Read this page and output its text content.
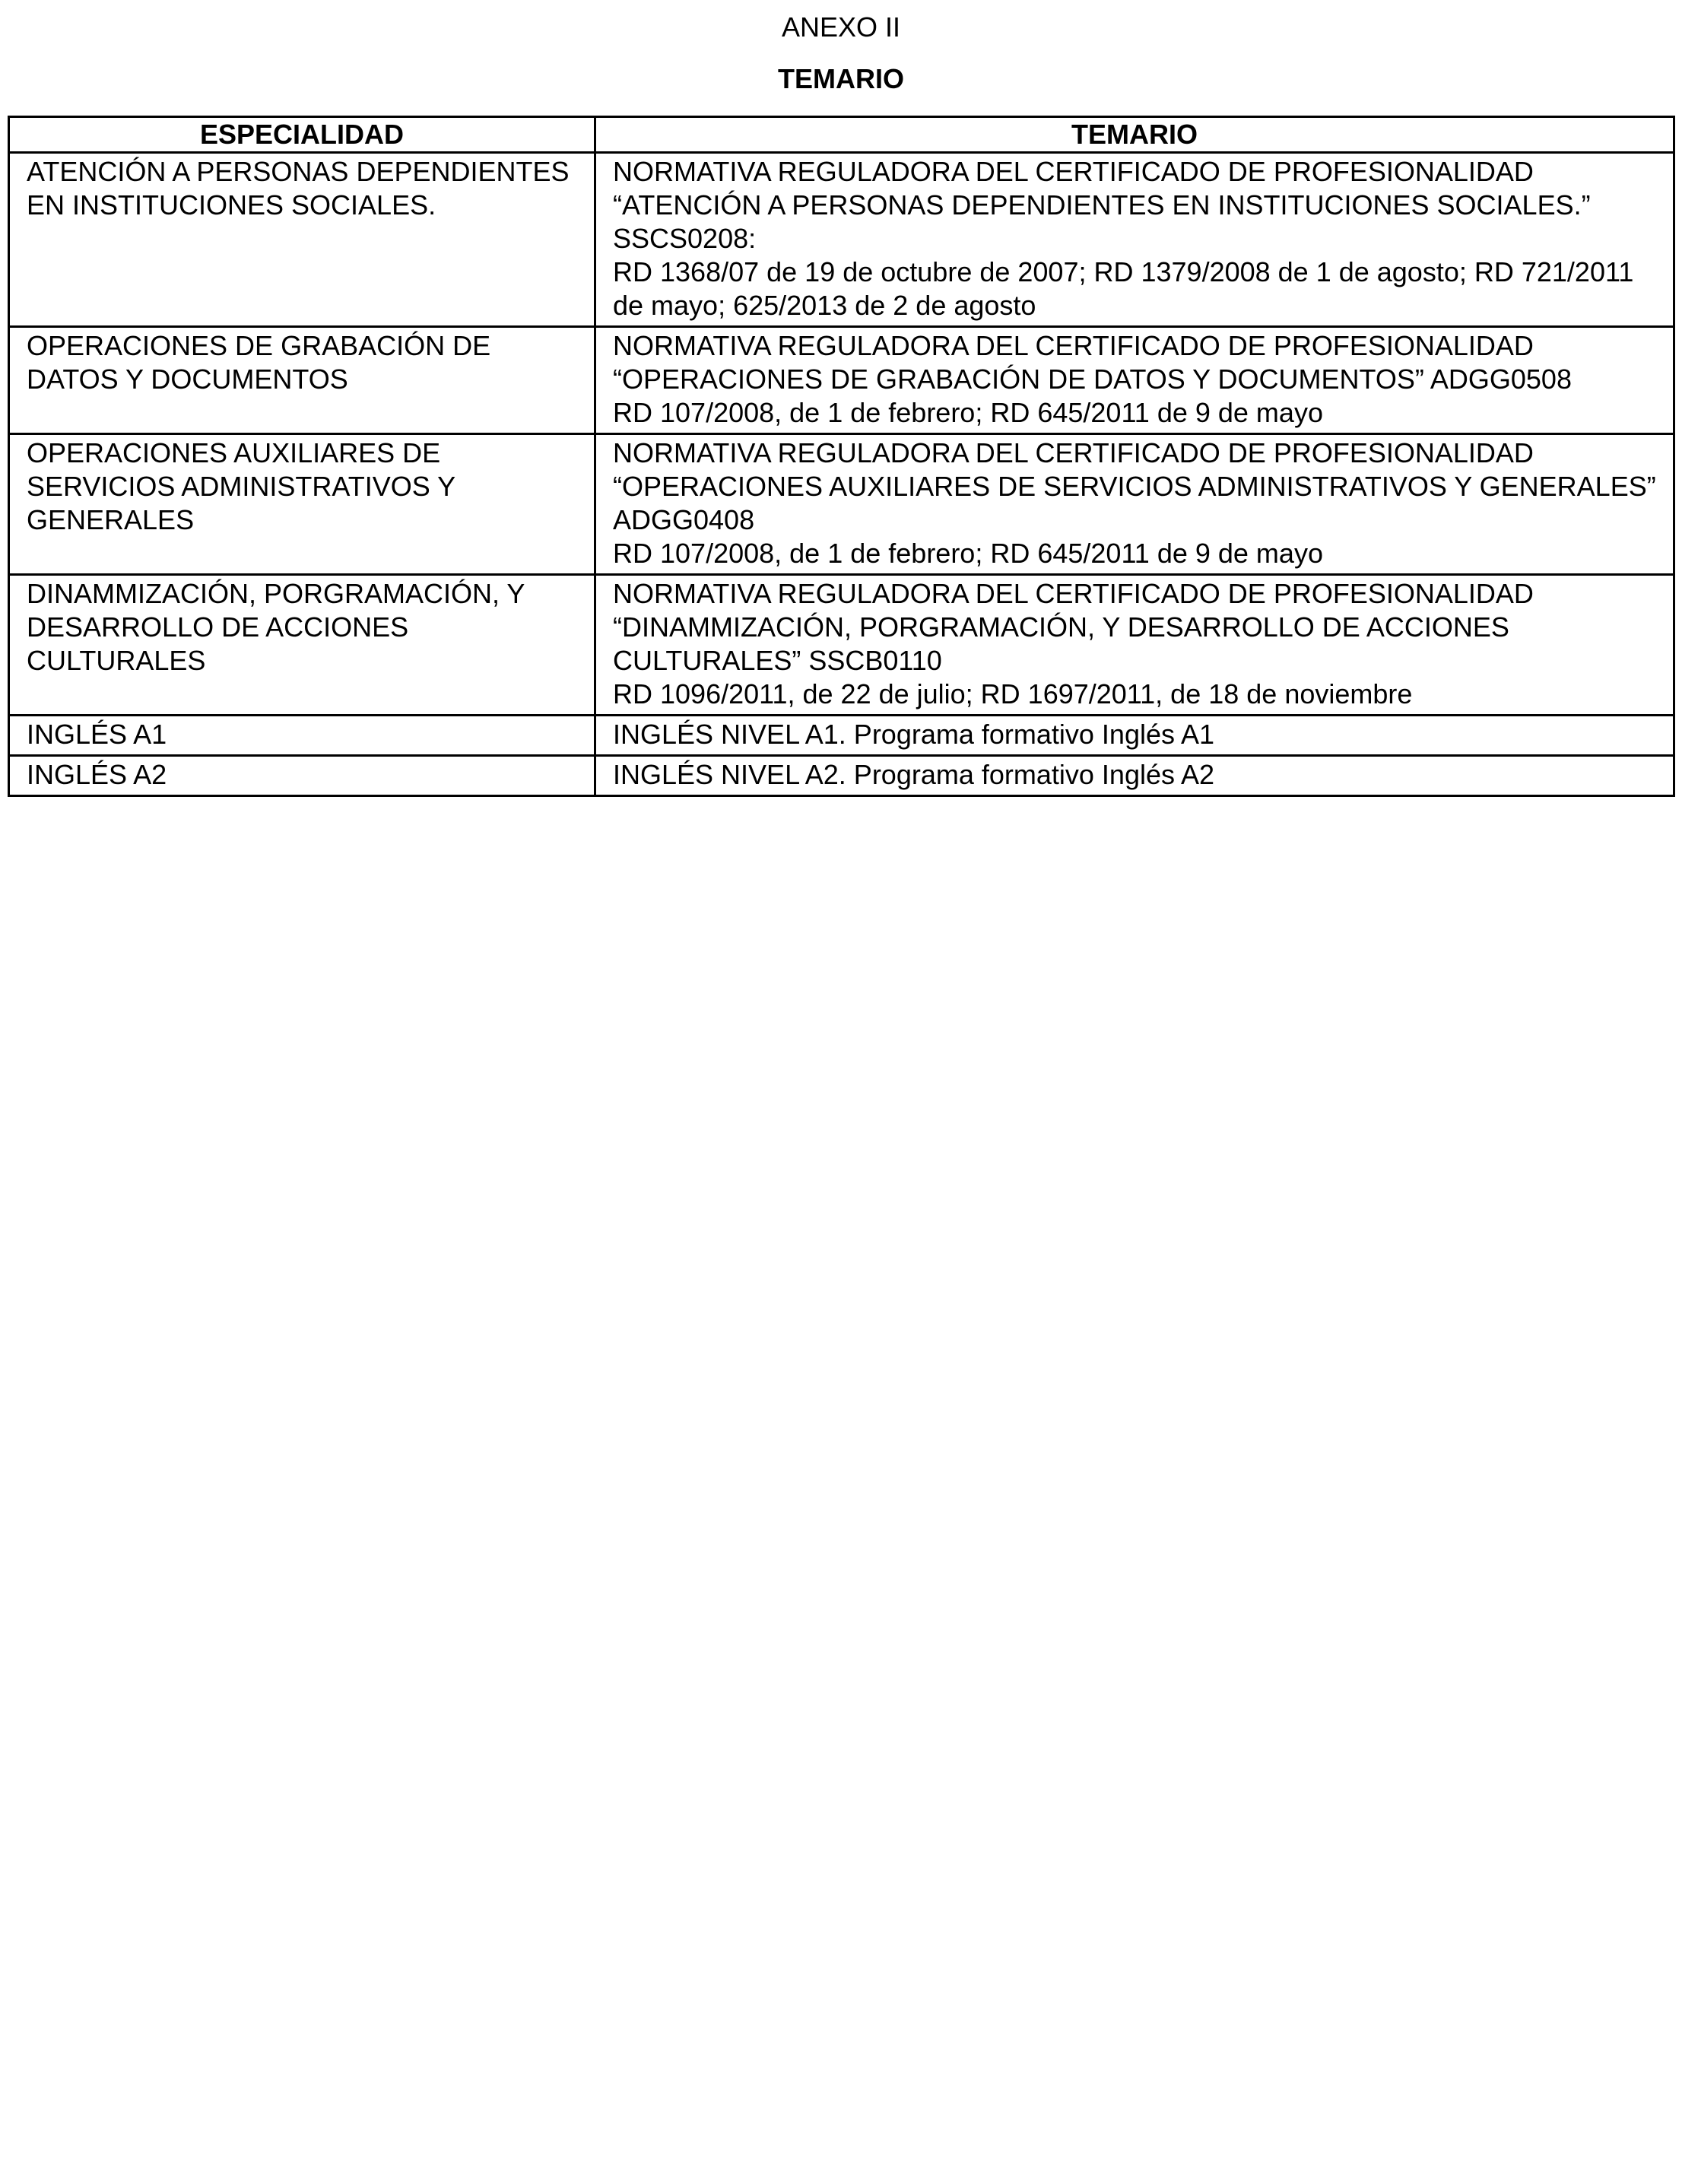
ANEXO II
TEMARIO
ESPECIALIDAD	TEMARIO
ATENCIÓN A PERSONAS DEPENDIENTES EN INSTITUCIONES SOCIALES.	NORMATIVA REGULADORA DEL CERTIFICADO DE PROFESIONALIDAD “ATENCIÓN A PERSONAS DEPENDIENTES EN INSTITUCIONES SOCIALES.” SSCS0208:
RD 1368/07 de 19 de octubre de 2007; RD 1379/2008 de 1 de agosto; RD 721/2011 de mayo; 625/2013 de 2 de agosto

OPERACIONES DE GRABACIÓN DE DATOS Y DOCUMENTOS	NORMATIVA REGULADORA DEL CERTIFICADO DE PROFESIONALIDAD “OPERACIONES DE GRABACIÓN DE DATOS Y DOCUMENTOS” ADGG0508
RD 107/2008, de 1 de febrero; RD 645/2011 de 9 de mayo

OPERACIONES AUXILIARES DE SERVICIOS ADMINISTRATIVOS Y GENERALES	NORMATIVA REGULADORA DEL CERTIFICADO DE PROFESIONALIDAD “OPERACIONES AUXILIARES DE SERVICIOS ADMINISTRATIVOS Y GENERALES” ADGG0408
RD 107/2008, de 1 de febrero; RD 645/2011 de 9 de mayo

DINAMMIZACIÓN, PORGRAMACIÓN, Y DESARROLLO DE ACCIONES CULTURALES	NORMATIVA REGULADORA DEL CERTIFICADO DE PROFESIONALIDAD “DINAMMIZACIÓN, PORGRAMACIÓN, Y DESARROLLO DE ACCIONES CULTURALES” SSCB0110
RD 1096/2011, de 22 de julio; RD 1697/2011, de 18 de noviembre

INGLÉS A1	INGLÉS NIVEL A1. Programa formativo Inglés A1

INGLÉS A2	INGLÉS NIVEL A2. Programa formativo Inglés A2
